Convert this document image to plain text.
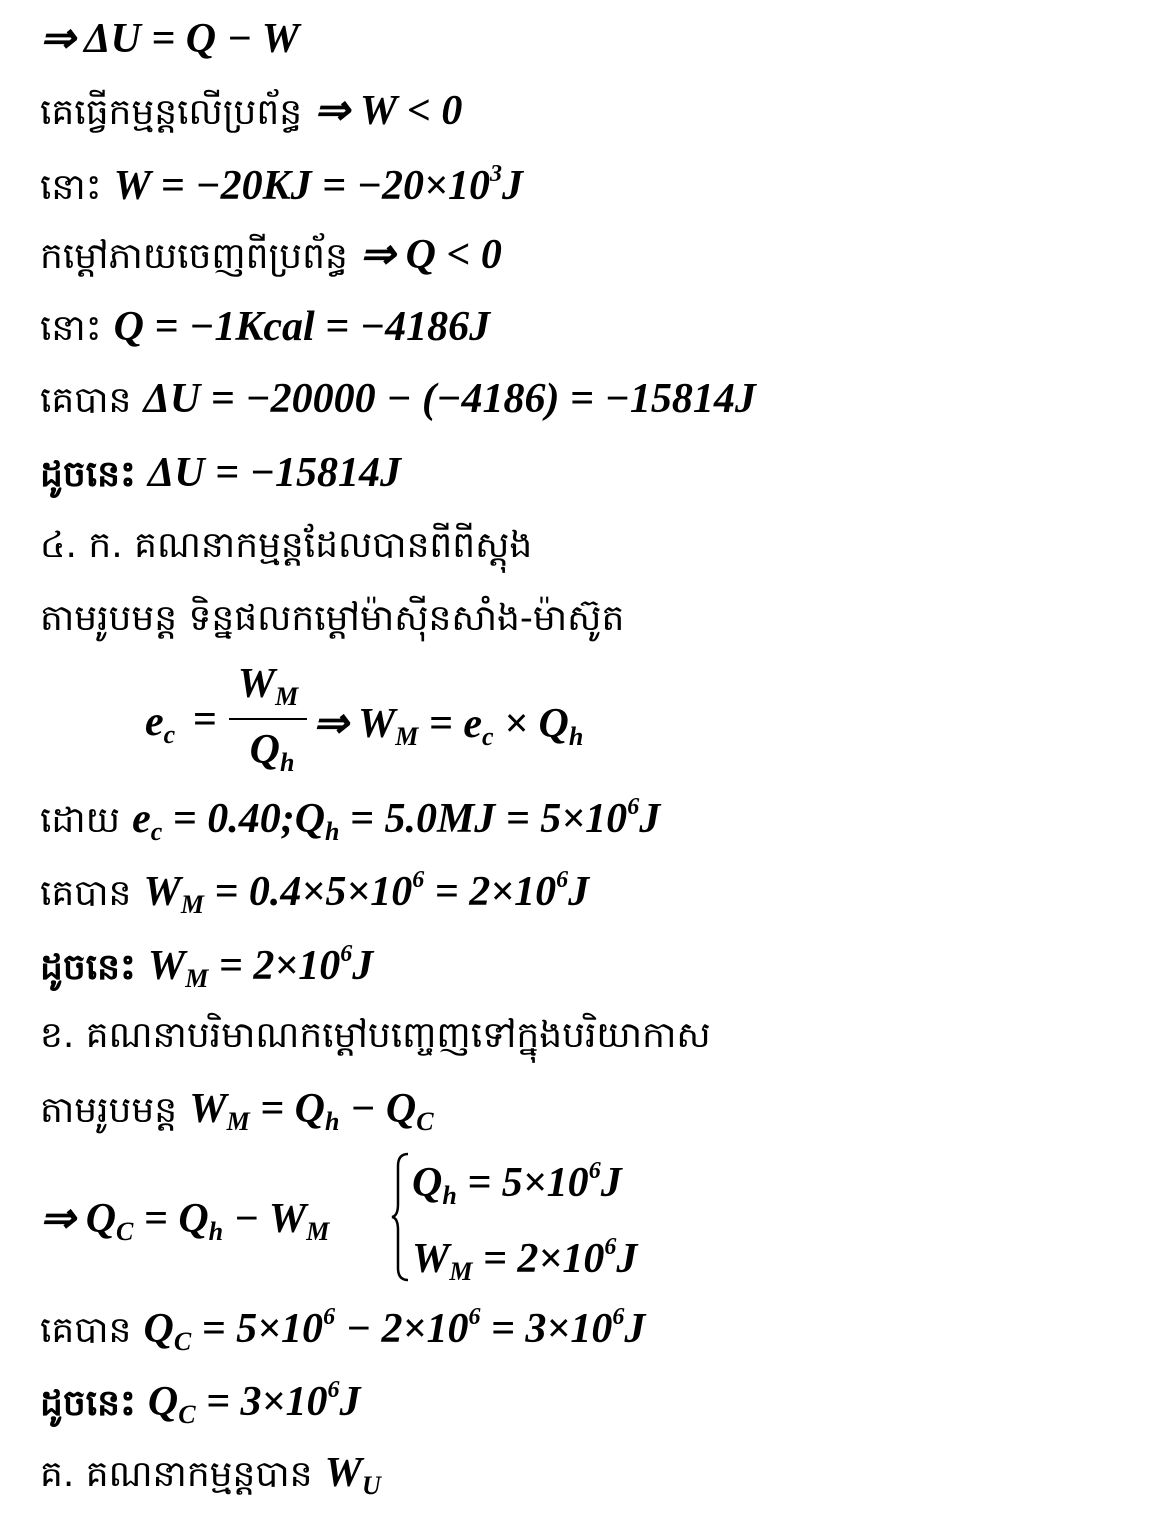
⇒ ΔU = Q − W
គេធ្វើកម្មន្តលើប្រព័ន្ធ ⇒ W < 0
នោះ $W = -20KJ = -20\times 10^3J$
កម្តៅភាយចេញពីប្រព័ន្ធ ⇒ Q < 0
នោះ Q = −1Kcal = −4186J
គេបាន ΔU = −20000 − (−4186) = −15814J
ដូចនេះ ΔU = −15814J
៤. ក. គណនាកម្មន្តដែលបានពីពីស្តុង
តាមរូបមន្ត ទិន្នផលកម្តៅម៉ាស៊ីនសាំង-ម៉ាស៊ូត
$e_c$ =
$W_M$
$Q_h$
⇒ $W_M = e_c \times Q_h$
ដោយ $e_c$ = $0.40;Q_h = 5.0MJ = 5\times 10^6J$
គេបាន $W_M = 0.4\times 5\times 10^6 = 2\times 10^6J$
ដូចនេះ $W_M = 2\times 10^6J$
ខ. គណនាបរិមាណកម្តៅបញ្ចេញទៅក្នុងបរិយាកាស
តាមរូបមន្ត $W_M = Q_h - Q_C$
⇒ $Q_C = Q_h - W_M$
$Q_h = 5\times 10^6J$
$W_M = 2\times 10^6J$
គេបាន $Q_C = 5\times 10^6 - 2\times 10^6 = 3\times 10^6J$
ដូចនេះ $Q_C = 3\times 10^6J$
គ. គណនាកម្មន្តបាន $W_U$
